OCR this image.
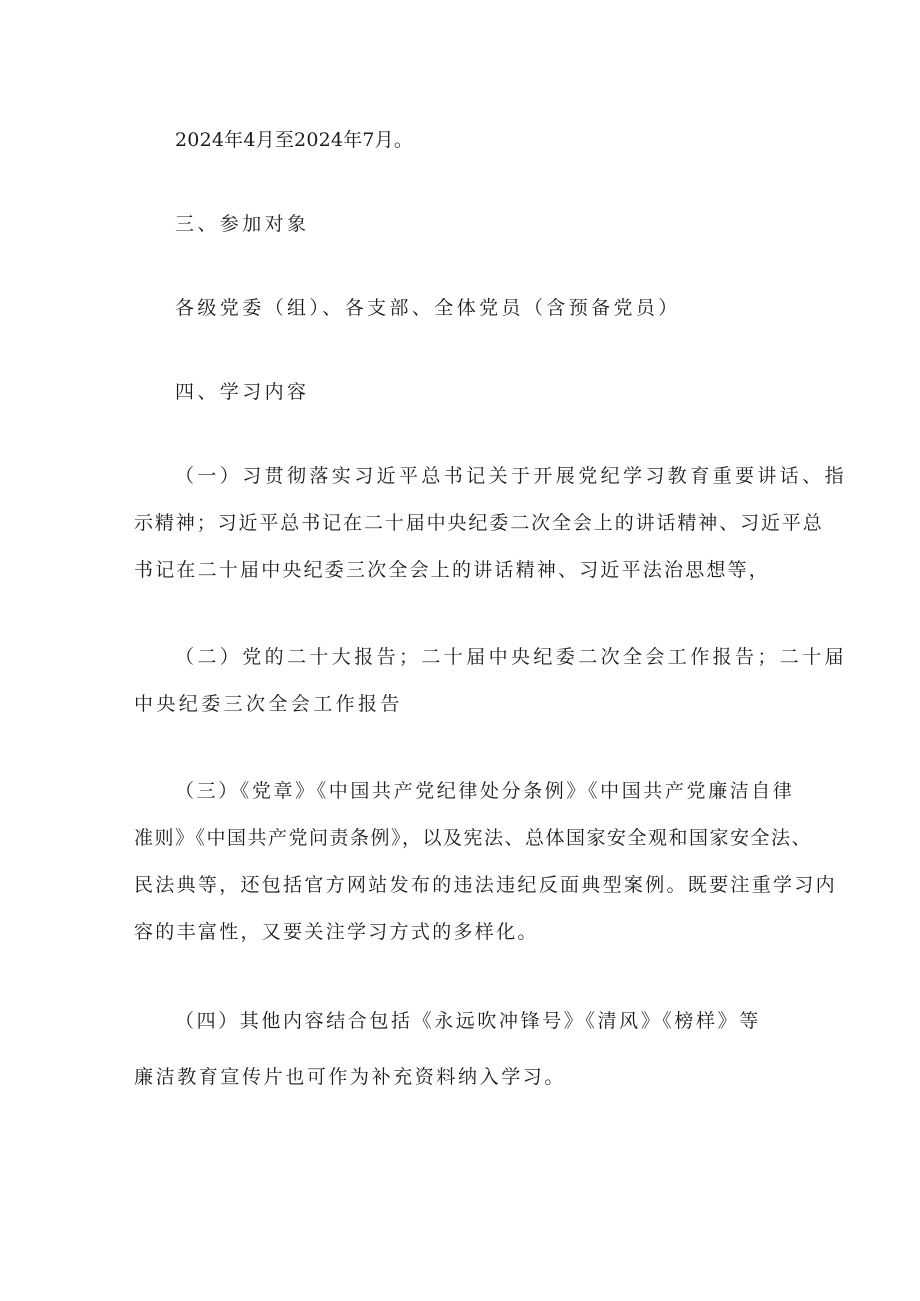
2024年4月至2024年7月。
三、参加对象
各级党委（组）、各支部、全体党员（含预备党员）
四、学习内容
（一）习贯彻落实习近平总书记关于开展党纪学习教育重要讲话、指
示精神；习近平总书记在二十届中央纪委二次全会上的讲话精神、习近平总
书记在二十届中央纪委三次全会上的讲话精神、习近平法治思想等，
（二）党的二十大报告；二十届中央纪委二次全会工作报告；二十届
中央纪委三次全会工作报告
（三）《党章》《中国共产党纪律处分条例》《中国共产党廉洁自律
准则》《中国共产党问责条例》，以及宪法、总体国家安全观和国家安全法、
民法典等，还包括官方网站发布的违法违纪反面典型案例。既要注重学习内
容的丰富性，又要关注学习方式的多样化。
（四）其他内容结合包括《永远吹冲锋号》《清风》《榜样》等
廉洁教育宣传片也可作为补充资料纳入学习。
